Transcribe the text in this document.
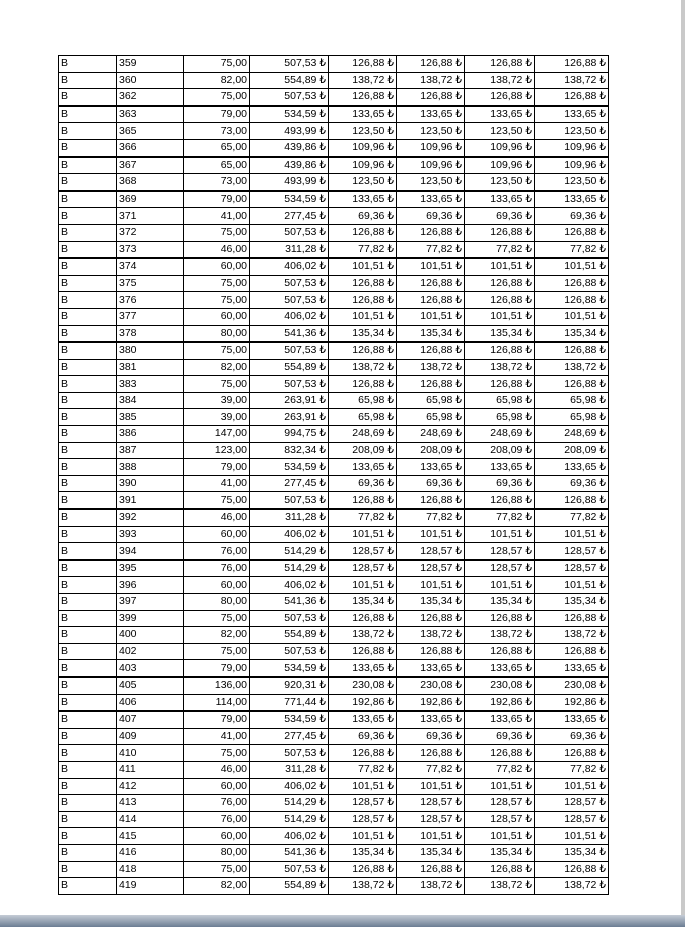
B	359	75,00	507,53 ₺	126,88 ₺	126,88 ₺	126,88 ₺	126,88 ₺
B	360	82,00	554,89 ₺	138,72 ₺	138,72 ₺	138,72 ₺	138,72 ₺
B	362	75,00	507,53 ₺	126,88 ₺	126,88 ₺	126,88 ₺	126,88 ₺
B	363	79,00	534,59 ₺	133,65 ₺	133,65 ₺	133,65 ₺	133,65 ₺
B	365	73,00	493,99 ₺	123,50 ₺	123,50 ₺	123,50 ₺	123,50 ₺
B	366	65,00	439,86 ₺	109,96 ₺	109,96 ₺	109,96 ₺	109,96 ₺
B	367	65,00	439,86 ₺	109,96 ₺	109,96 ₺	109,96 ₺	109,96 ₺
B	368	73,00	493,99 ₺	123,50 ₺	123,50 ₺	123,50 ₺	123,50 ₺
B	369	79,00	534,59 ₺	133,65 ₺	133,65 ₺	133,65 ₺	133,65 ₺
B	371	41,00	277,45 ₺	69,36 ₺	69,36 ₺	69,36 ₺	69,36 ₺
B	372	75,00	507,53 ₺	126,88 ₺	126,88 ₺	126,88 ₺	126,88 ₺
B	373	46,00	311,28 ₺	77,82 ₺	77,82 ₺	77,82 ₺	77,82 ₺
B	374	60,00	406,02 ₺	101,51 ₺	101,51 ₺	101,51 ₺	101,51 ₺
B	375	75,00	507,53 ₺	126,88 ₺	126,88 ₺	126,88 ₺	126,88 ₺
B	376	75,00	507,53 ₺	126,88 ₺	126,88 ₺	126,88 ₺	126,88 ₺
B	377	60,00	406,02 ₺	101,51 ₺	101,51 ₺	101,51 ₺	101,51 ₺
B	378	80,00	541,36 ₺	135,34 ₺	135,34 ₺	135,34 ₺	135,34 ₺
B	380	75,00	507,53 ₺	126,88 ₺	126,88 ₺	126,88 ₺	126,88 ₺
B	381	82,00	554,89 ₺	138,72 ₺	138,72 ₺	138,72 ₺	138,72 ₺
B	383	75,00	507,53 ₺	126,88 ₺	126,88 ₺	126,88 ₺	126,88 ₺
B	384	39,00	263,91 ₺	65,98 ₺	65,98 ₺	65,98 ₺	65,98 ₺
B	385	39,00	263,91 ₺	65,98 ₺	65,98 ₺	65,98 ₺	65,98 ₺
B	386	147,00	994,75 ₺	248,69 ₺	248,69 ₺	248,69 ₺	248,69 ₺
B	387	123,00	832,34 ₺	208,09 ₺	208,09 ₺	208,09 ₺	208,09 ₺
B	388	79,00	534,59 ₺	133,65 ₺	133,65 ₺	133,65 ₺	133,65 ₺
B	390	41,00	277,45 ₺	69,36 ₺	69,36 ₺	69,36 ₺	69,36 ₺
B	391	75,00	507,53 ₺	126,88 ₺	126,88 ₺	126,88 ₺	126,88 ₺
B	392	46,00	311,28 ₺	77,82 ₺	77,82 ₺	77,82 ₺	77,82 ₺
B	393	60,00	406,02 ₺	101,51 ₺	101,51 ₺	101,51 ₺	101,51 ₺
B	394	76,00	514,29 ₺	128,57 ₺	128,57 ₺	128,57 ₺	128,57 ₺
B	395	76,00	514,29 ₺	128,57 ₺	128,57 ₺	128,57 ₺	128,57 ₺
B	396	60,00	406,02 ₺	101,51 ₺	101,51 ₺	101,51 ₺	101,51 ₺
B	397	80,00	541,36 ₺	135,34 ₺	135,34 ₺	135,34 ₺	135,34 ₺
B	399	75,00	507,53 ₺	126,88 ₺	126,88 ₺	126,88 ₺	126,88 ₺
B	400	82,00	554,89 ₺	138,72 ₺	138,72 ₺	138,72 ₺	138,72 ₺
B	402	75,00	507,53 ₺	126,88 ₺	126,88 ₺	126,88 ₺	126,88 ₺
B	403	79,00	534,59 ₺	133,65 ₺	133,65 ₺	133,65 ₺	133,65 ₺
B	405	136,00	920,31 ₺	230,08 ₺	230,08 ₺	230,08 ₺	230,08 ₺
B	406	114,00	771,44 ₺	192,86 ₺	192,86 ₺	192,86 ₺	192,86 ₺
B	407	79,00	534,59 ₺	133,65 ₺	133,65 ₺	133,65 ₺	133,65 ₺
B	409	41,00	277,45 ₺	69,36 ₺	69,36 ₺	69,36 ₺	69,36 ₺
B	410	75,00	507,53 ₺	126,88 ₺	126,88 ₺	126,88 ₺	126,88 ₺
B	411	46,00	311,28 ₺	77,82 ₺	77,82 ₺	77,82 ₺	77,82 ₺
B	412	60,00	406,02 ₺	101,51 ₺	101,51 ₺	101,51 ₺	101,51 ₺
B	413	76,00	514,29 ₺	128,57 ₺	128,57 ₺	128,57 ₺	128,57 ₺
B	414	76,00	514,29 ₺	128,57 ₺	128,57 ₺	128,57 ₺	128,57 ₺
B	415	60,00	406,02 ₺	101,51 ₺	101,51 ₺	101,51 ₺	101,51 ₺
B	416	80,00	541,36 ₺	135,34 ₺	135,34 ₺	135,34 ₺	135,34 ₺
B	418	75,00	507,53 ₺	126,88 ₺	126,88 ₺	126,88 ₺	126,88 ₺
B	419	82,00	554,89 ₺	138,72 ₺	138,72 ₺	138,72 ₺	138,72 ₺
